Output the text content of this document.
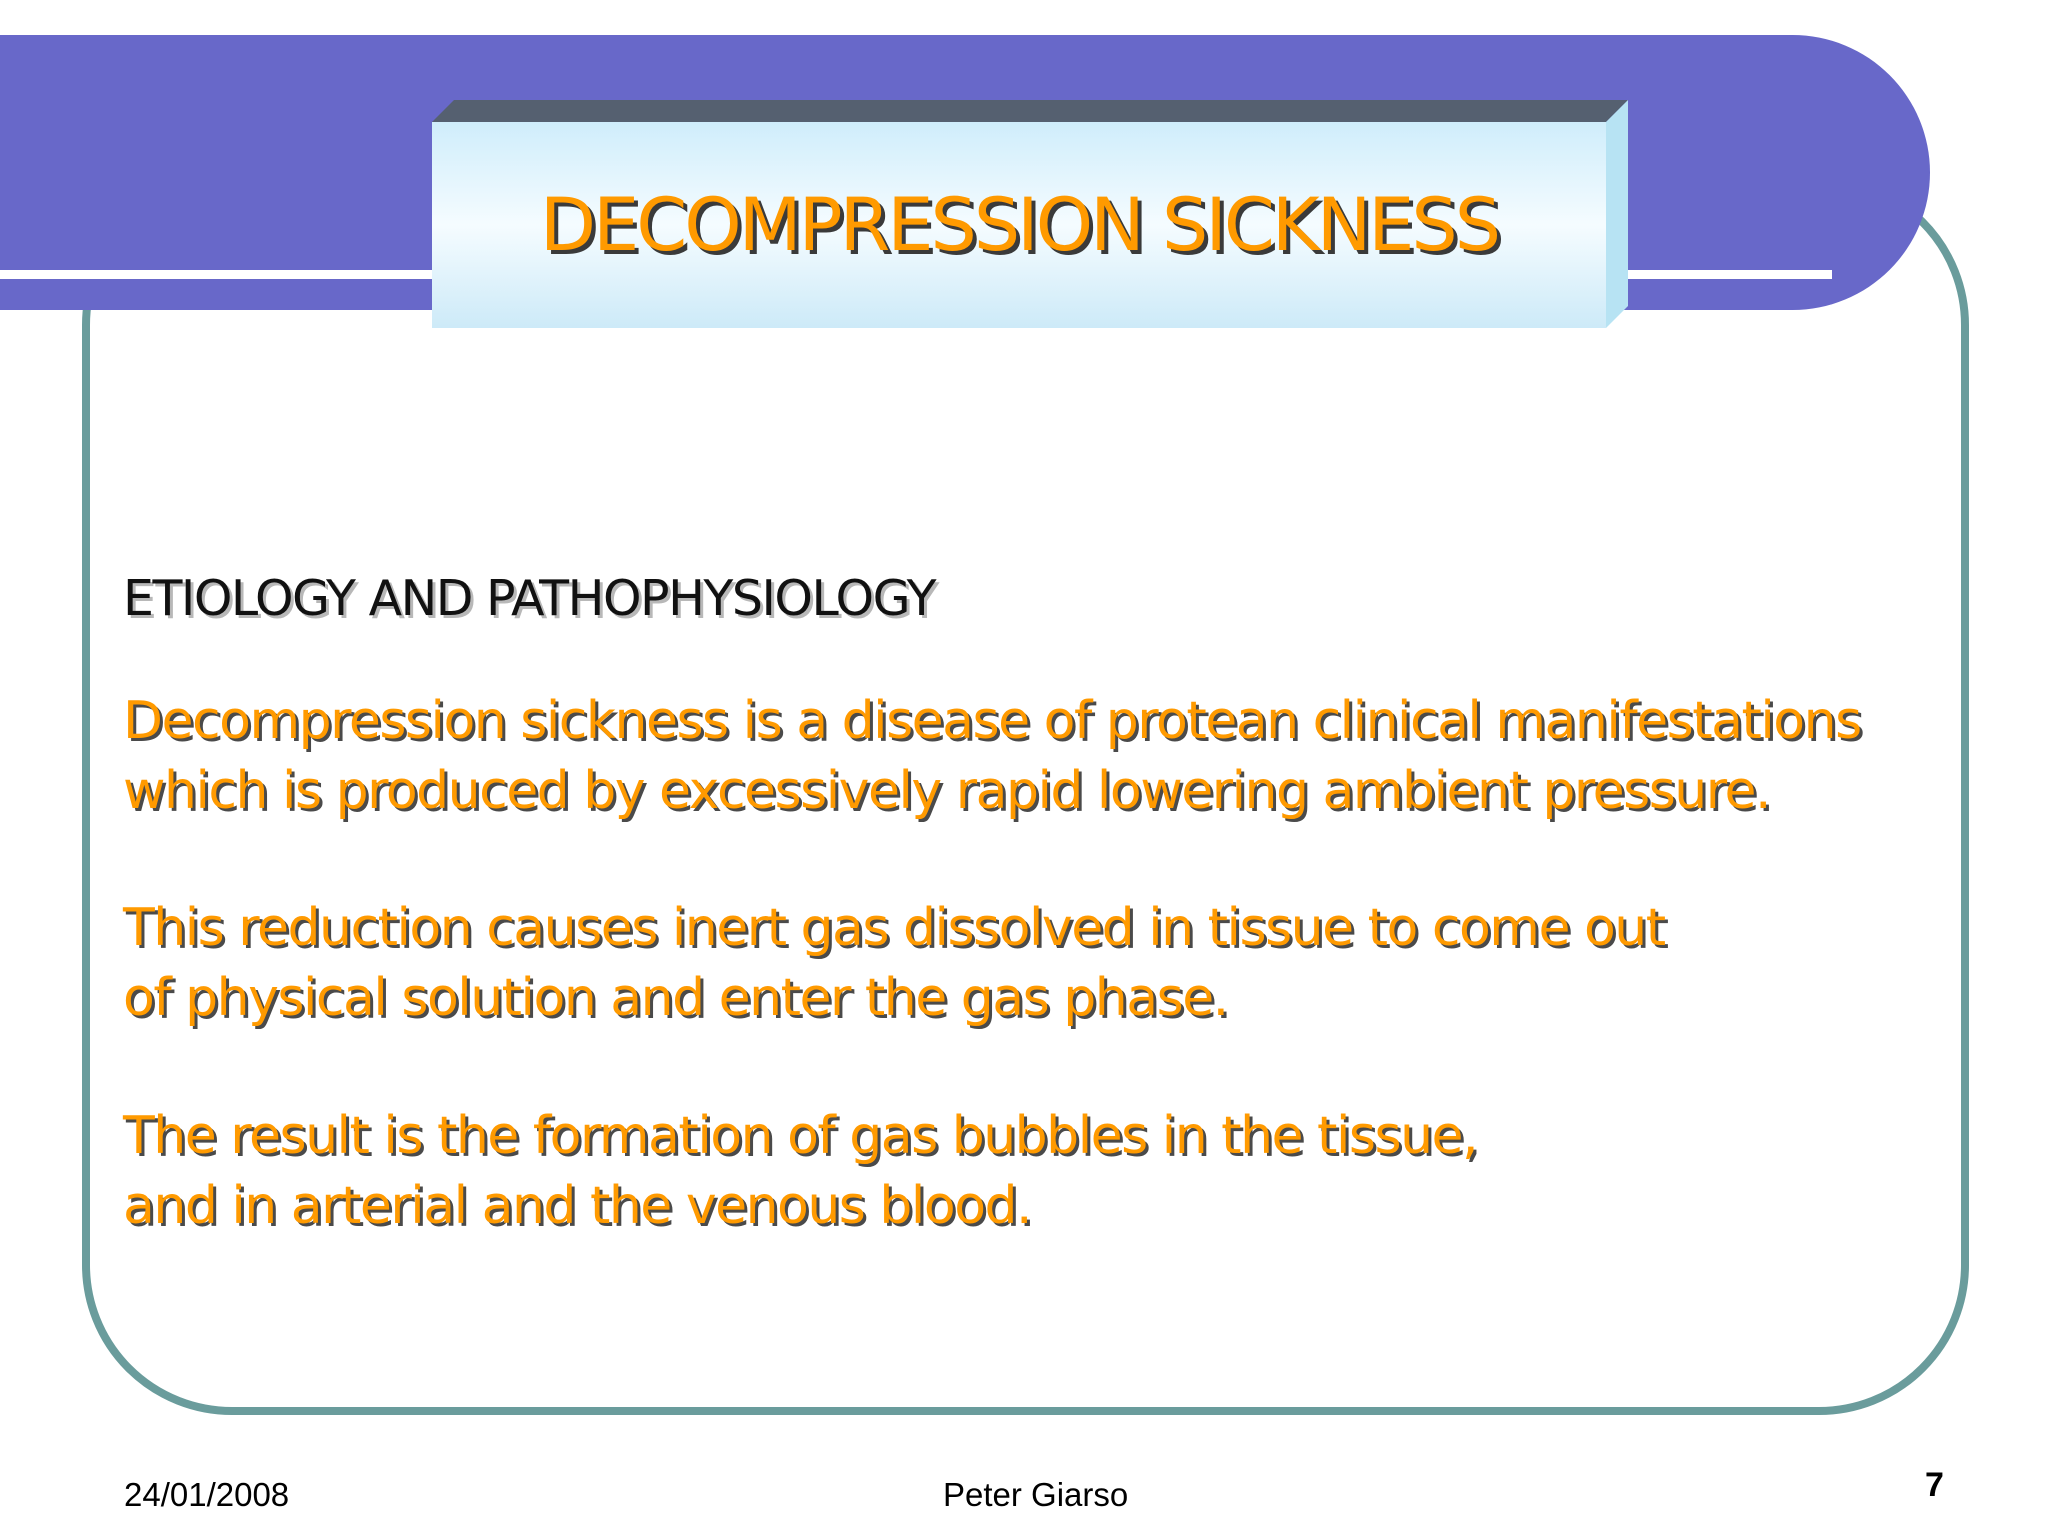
DECOMPRESSION SICKNESS
ETIOLOGY AND PATHOPHYSIOLOGY
Decompression sickness is a disease of protean clinical manifestations
which is produced by excessively rapid lowering ambient pressure.
This reduction causes inert gas dissolved in tissue to come out
of physical solution and enter the gas phase.
The result is the formation of gas bubbles in the tissue,
and in arterial and the venous blood.
24/01/2008	Peter Giarso	7
